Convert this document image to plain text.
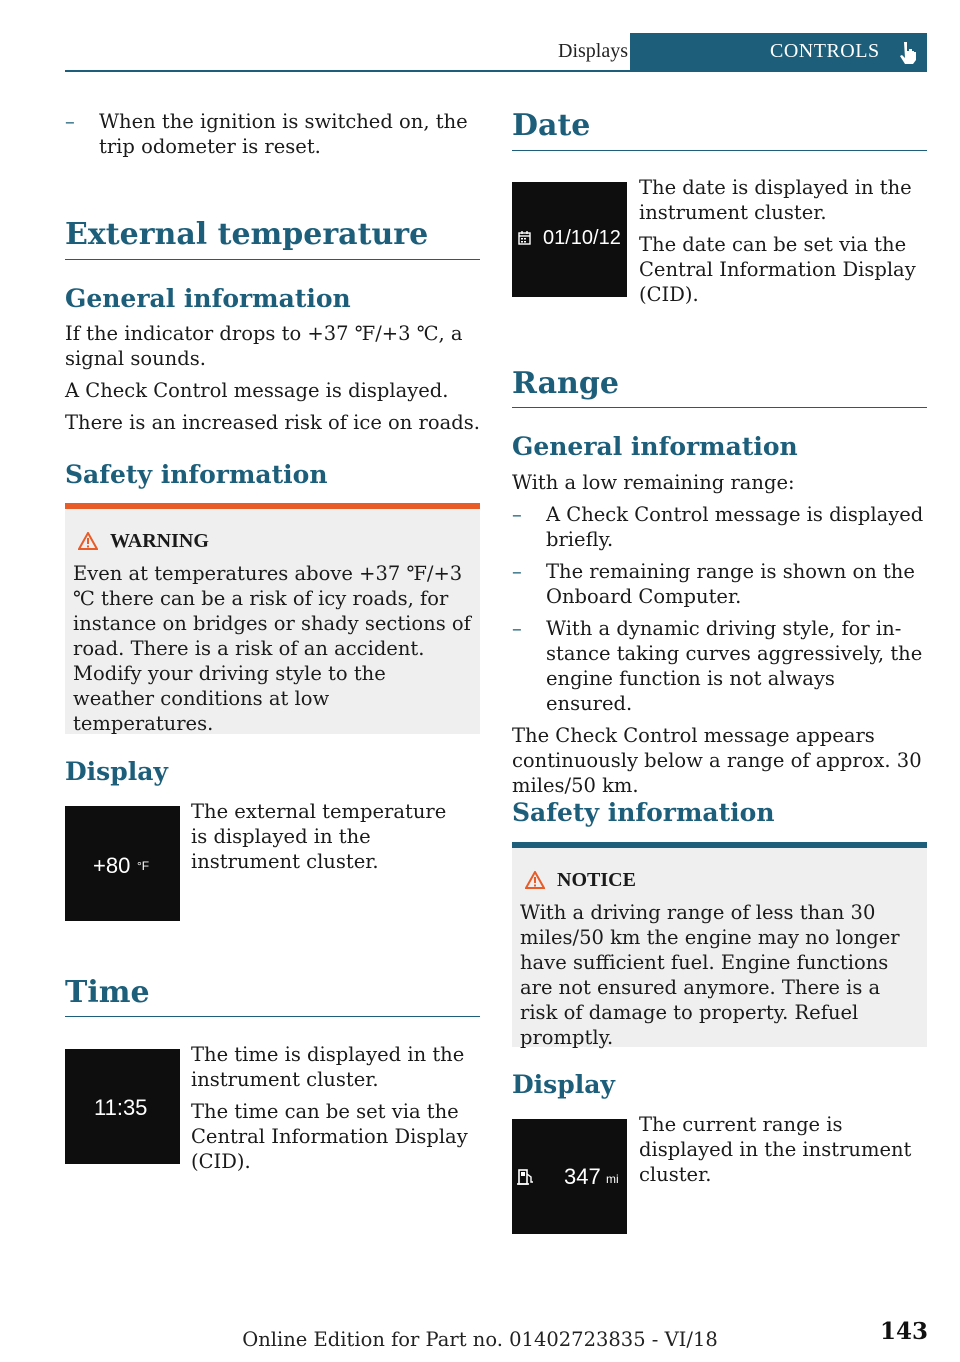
Displays	CONTROLS

– When the ignition is switched on, the trip odometer is reset.

External temperature
General information

If the indicator drops to +37 ℉/+3 ℃, a signal sounds.

A Check Control message is displayed.

There is an increased risk of ice on roads.

Safety information
WARNING

Even at temperatures above +37 ℉/+3 ℃ there can be a risk of icy roads, for instance on bridges or shady sections of road. There is a risk of an accident. Modify your driving style to the weather conditions at low temperatures.

Display
+80 °F
The external temperature is displayed in the instrument cluster.
Time
11:35

The time is displayed in the instrument cluster.

The time can be set via the Central Information Display (CID).

Date
01/10/12

The date is displayed in the instrument cluster.

The date can be set via the Central Information Display (CID).

Range
General information

With a low remaining range:

– A Check Control message is displayed briefly.

– The remaining range is shown on the Onboard Computer.

– With a dynamic driving style, for instance taking curves aggressively, the engine function is not always ensured.

The Check Control message appears continuously below a range of approx. 30 miles/50 km.

Safety information
NOTICE

With a driving range of less than 30 miles/50 km the engine may no longer have sufficient fuel. Engine functions are not ensured anymore. There is a risk of damage to property. Refuel promptly.

Display
347 mi
The current range is displayed in the instrument cluster.
143
Online Edition for Part no. 01402723835 - VI/18
